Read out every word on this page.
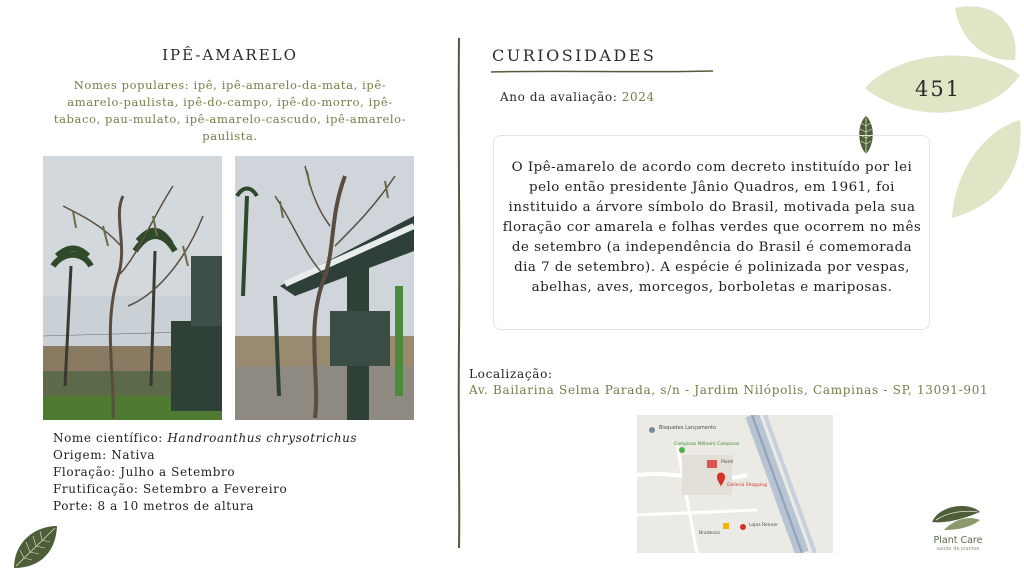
451
IPÊ-AMARELO
Nomes populares: ipê, ipê-amarelo-da-mata, ipê-amarelo-paulista, ipê-do-campo, ipê-do-morro, ipê-tabaco, pau-mulato, ipê-amarelo-cascudo, ipê-amarelo-paulista.
Nome científico: Handroanthus chrysotrichus
Origem: Nativa
Floração: Julho a Setembro
Frutificação: Setembro a Fevereiro
Porte: 8 a 10 metros de altura
CURIOSIDADES
Ano da avaliação: 2024
O Ipê-amarelo de acordo com decreto instituído por lei pelo então presidente Jânio Quadros, em 1961, foi instituido a árvore símbolo do Brasil, motivada pela sua floração cor amarela e folhas verdes que ocorrem no mês de setembro (a independência do Brasil é comemorada dia 7 de setembro). A espécie é polinizada por vespas, abelhas, aves, morcegos, borboletas e mariposas.
Localização:
Av. Bailarina Selma Parada, s/n - Jardim Nilópolis, Campinas - SP, 13091-901
Bisquetes Lançamento
Campinas Milheiro Campinas
Pianti
Galleria Shopping
Lojas Renner
Bradesco
Plant Care
saúde de plantas
